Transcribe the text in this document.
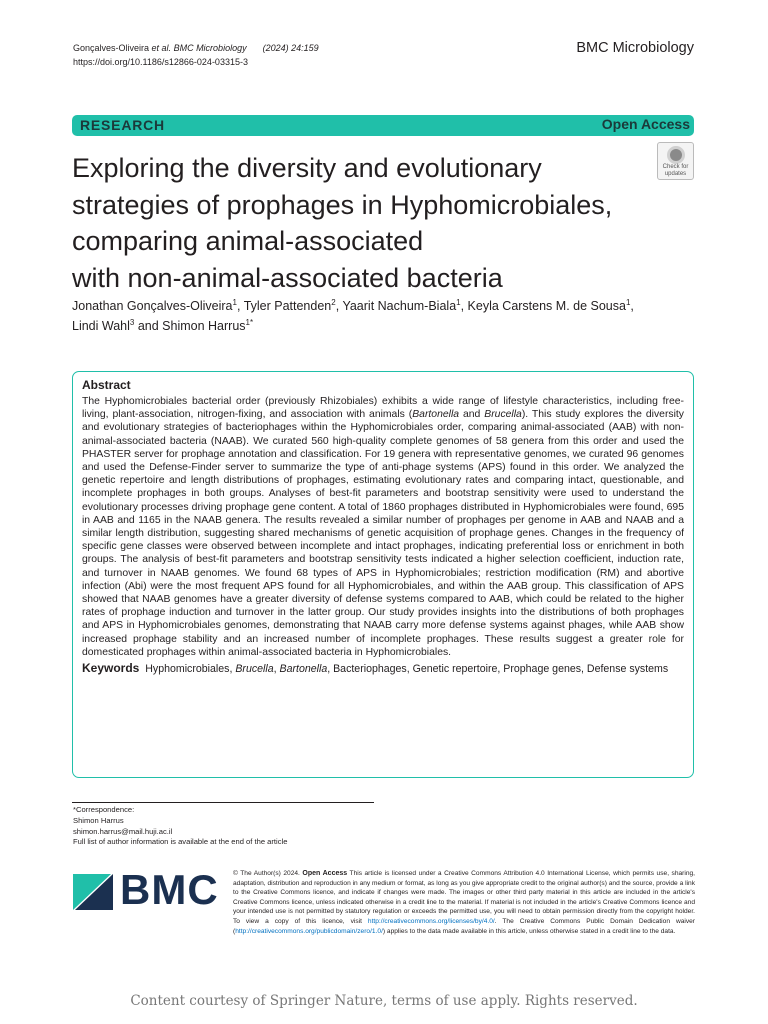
Gonçalves-Oliveira et al. BMC Microbiology (2024) 24:159
https://doi.org/10.1186/s12866-024-03315-3
BMC Microbiology
RESEARCH	Open Access
Exploring the diversity and evolutionary
strategies of prophages in Hyphomicrobiales,
comparing animal-associated
with non-animal-associated bacteria
Check for
updates
Jonathan Gonçalves-Oliveira$^1$, Tyler Pattenden$^2$, Yaarit Nachum-Biala$^1$, Keyla Carstens M. de Sousa$^1$,
Lindi Wahl$^3$ and Shimon Harrus$^{1*}$
Abstract

The Hyphomicrobiales bacterial order (previously Rhizobiales) exhibits a wide range of lifestyle characteristics, including free-living, plant-association, nitrogen-fixing, and association with animals (Bartonella and Brucella). This study explores the diversity and evolutionary strategies of bacteriophages within the Hyphomicrobiales order, comparing animal-associated (AAB) with non-animal-associated bacteria (NAAB). We curated 560 high-quality complete genomes of 58 genera from this order and used the PHASTER server for prophage annotation and classification. For 19 genera with representative genomes, we curated 96 genomes and used the Defense-Finder server to summarize the type of anti-phage systems (APS) found in this order. We analyzed the genetic repertoire and length distributions of prophages, estimating evolutionary rates and comparing intact, questionable, and incomplete prophages in both groups. Analyses of best-fit parameters and bootstrap sensitivity were used to understand the evolutionary processes driving prophage gene content. A total of 1860 prophages distributed in Hyphomicrobiales were found, 695 in AAB and 1165 in the NAAB genera. The results revealed a similar number of prophages per genome in AAB and NAAB and a similar length distribution, suggesting shared mechanisms of genetic acquisition of prophage genes. Changes in the frequency of specific gene classes were observed between incomplete and intact prophages, indicating preferential loss or enrichment in both groups. The analysis of best-fit parameters and bootstrap sensitivity tests indicated a higher selection coefficient, induction rate, and turnover in NAAB genomes. We found 68 types of APS in Hyphomicrobiales; restriction modification (RM) and abortive infection (Abi) were the most frequent APS found for all Hyphomicrobiales, and within the AAB group. This classification of APS showed that NAAB genomes have a greater diversity of defense systems compared to AAB, which could be related to the higher rates of prophage induction and turnover in the latter group. Our study provides insights into the distributions of both prophages and APS in Hyphomicrobiales genomes, demonstrating that NAAB carry more defense systems against phages, while AAB show increased prophage stability and an increased number of incomplete prophages. These results suggest a greater role for domesticated prophages within animal-associated bacteria in Hyphomicrobiales.

Keywords Hyphomicrobiales, Brucella, Bartonella, Bacteriophages, Genetic repertoire, Prophage genes, Defense systems

*Correspondence:
Shimon Harrus
shimon.harrus@mail.huji.ac.il
Full list of author information is available at the end of the article
BMC © The Author(s) 2024. Open Access This article is licensed under a Creative Commons Attribution 4.0 International License, which permits use, sharing, adaptation, distribution and reproduction in any medium or format, as long as you give appropriate credit to the original author(s) and the source, provide a link to the Creative Commons licence, and indicate if changes were made. The images or other third party material in this article are included in the article's Creative Commons licence, unless indicated otherwise in a credit line to the material. If material is not included in the article's Creative Commons licence and your intended use is not permitted by statutory regulation or exceeds the permitted use, you will need to obtain permission directly from the copyright holder. To view a copy of this licence, visit http://creativecommons.org/licenses/by/4.0/. The Creative Commons Public Domain Dedication waiver (http://creativecommons.org/publicdomain/zero/1.0/) applies to the data made available in this article, unless otherwise stated in a credit line to the data.
Content courtesy of Springer Nature, terms of use apply. Rights reserved.
